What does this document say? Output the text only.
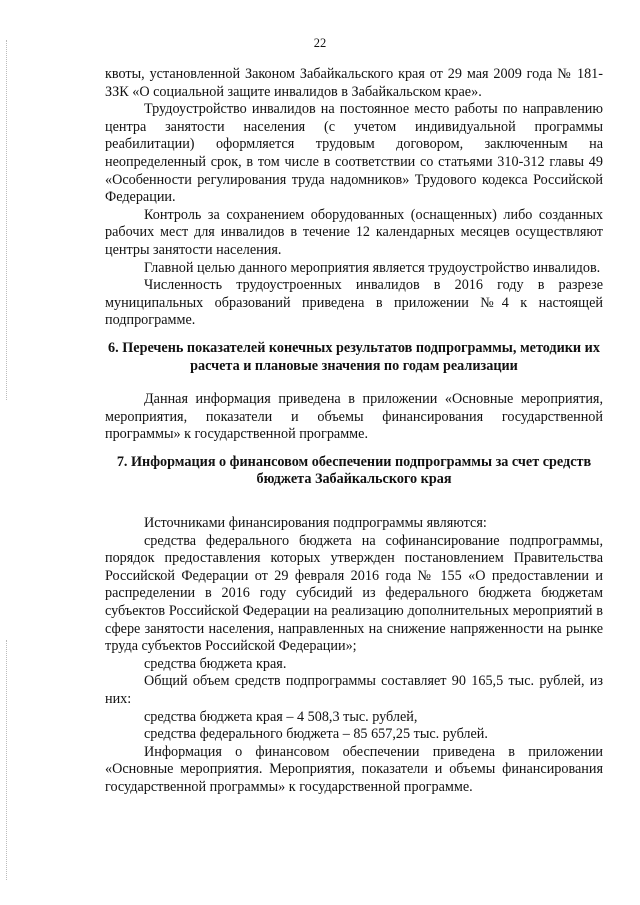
22

квоты, установленной Законом Забайкальского края от 29 мая 2009 года № 181-ЗЗК «О социальной защите инвалидов в Забайкальском крае».

Трудоустройство инвалидов на постоянное место работы по направлению центра занятости населения (с учетом индивидуальной программы реабилитации) оформляется трудовым договором, заключенным на неопределенный срок, в том числе в соответствии со статьями 310-312 главы 49 «Особенности регулирования труда надомников» Трудового кодекса Российской Федерации.

Контроль за сохранением оборудованных (оснащенных) либо созданных рабочих мест для инвалидов в течение 12 календарных месяцев осуществляют центры занятости населения.

Главной целью данного мероприятия является трудоустройство инвалидов.

Численность трудоустроенных инвалидов в 2016 году в разрезе муниципальных образований приведена в приложении №4 к настоящей подпрограмме.

6. Перечень показателей конечных результатов подпрограммы, методики их расчета и плановые значения по годам реализации

Данная информация приведена в приложении «Основные мероприятия, мероприятия, показатели и объемы финансирования государственной программы» к государственной программе.

7. Информация о финансовом обеспечении подпрограммы за счет средств бюджета Забайкальского края

Источниками финансирования подпрограммы являются:

средства федерального бюджета на софинансирование подпрограммы, порядок предоставления которых утвержден постановлением Правительства Российской Федерации от 29 февраля 2016 года № 155 «О предоставлении и распределении в 2016 году субсидий из федерального бюджета бюджетам субъектов Российской Федерации на реализацию дополнительных мероприятий в сфере занятости населения, направленных на снижение напряженности на рынке труда субъектов Российской Федерации»;

средства бюджета края.

Общий объем средств подпрограммы составляет 90 165,5 тыс. рублей, из них:

средства бюджета края – 4 508,3 тыс. рублей,

средства федерального бюджета – 85 657,25 тыс. рублей.

Информация о финансовом обеспечении приведена в приложении «Основные мероприятия. Мероприятия, показатели и объемы финансирования государственной программы» к государственной программе.
